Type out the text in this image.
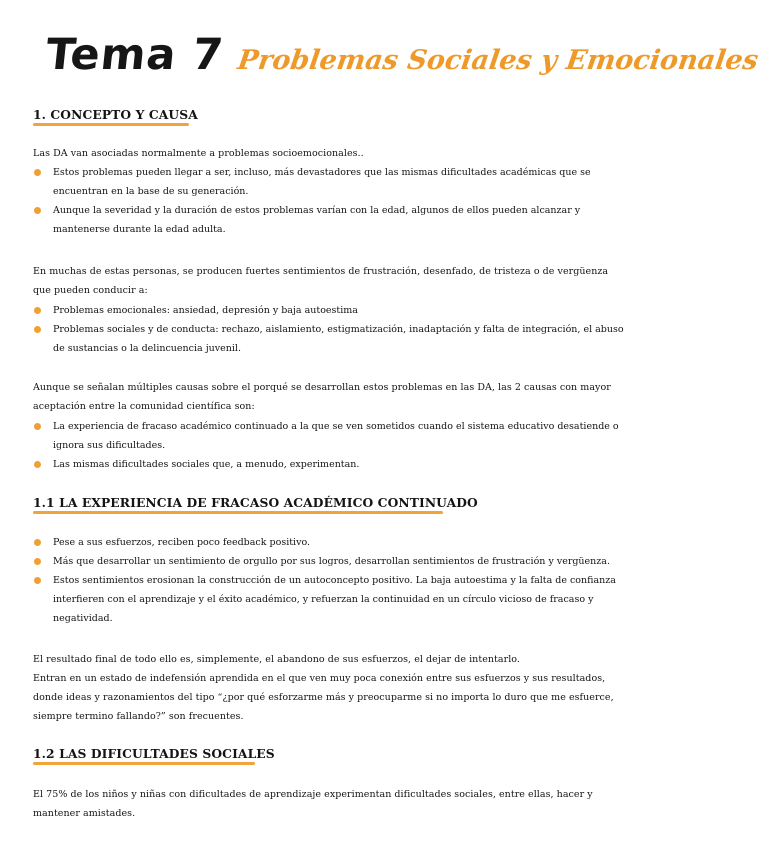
Tema 7 Problemas Sociales y Emocionales
1. CONCEPTO Y CAUSA
Las DA van asociadas normalmente a problemas socioemocionales..
Estos problemas pueden llegar a ser, incluso, más devastadores que las mismas dificultades académicas que se encuentran en la base de su generación.
Aunque la severidad y la duración de estos problemas varían con la edad, algunos de ellos pueden alcanzar y mantenerse durante la edad adulta.
En muchas de estas personas, se producen fuertes sentimientos de frustración, desenfado, de tristeza o de vergüenza que pueden conducir a:
Problemas emocionales: ansiedad, depresión y baja autoestima
Problemas sociales y de conducta: rechazo, aislamiento, estigmatización, inadaptación y falta de integración, el abuso de sustancias o la delincuencia juvenil.
Aunque se señalan múltiples causas sobre el porqué se desarrollan estos problemas en las DA, las 2 causas con mayor aceptación entre la comunidad científica son:
La experiencia de fracaso académico continuado a la que se ven sometidos cuando el sistema educativo desatiende o ignora sus dificultades.
Las mismas dificultades sociales que, a menudo, experimentan.
1.1 LA EXPERIENCIA DE FRACASO ACADÉMICO CONTINUADO
Pese a sus esfuerzos, reciben poco feedback positivo.
Más que desarrollar un sentimiento de orgullo por sus logros, desarrollan sentimientos de frustración y vergüenza.
Estos sentimientos erosionan la construcción de un autoconcepto positivo. La baja autoestima y la falta de confianza interfieren con el aprendizaje y el éxito académico, y refuerzan la continuidad en un círculo vicioso de fracaso y negatividad.
El resultado final de todo ello es, simplemente, el abandono de sus esfuerzos, el dejar de intentarlo.
Entran en un estado de indefensión aprendida en el que ven muy poca conexión entre sus esfuerzos y sus resultados, donde ideas y razonamientos del tipo “¿por qué esforzarme más y preocuparme si no importa lo duro que me esfuerce, siempre termino fallando?” son frecuentes.
1.2 LAS DIFICULTADES SOCIALES
El 75% de los niños y niñas con dificultades de aprendizaje experimentan dificultades sociales, entre ellas, hacer y mantener amistades.
